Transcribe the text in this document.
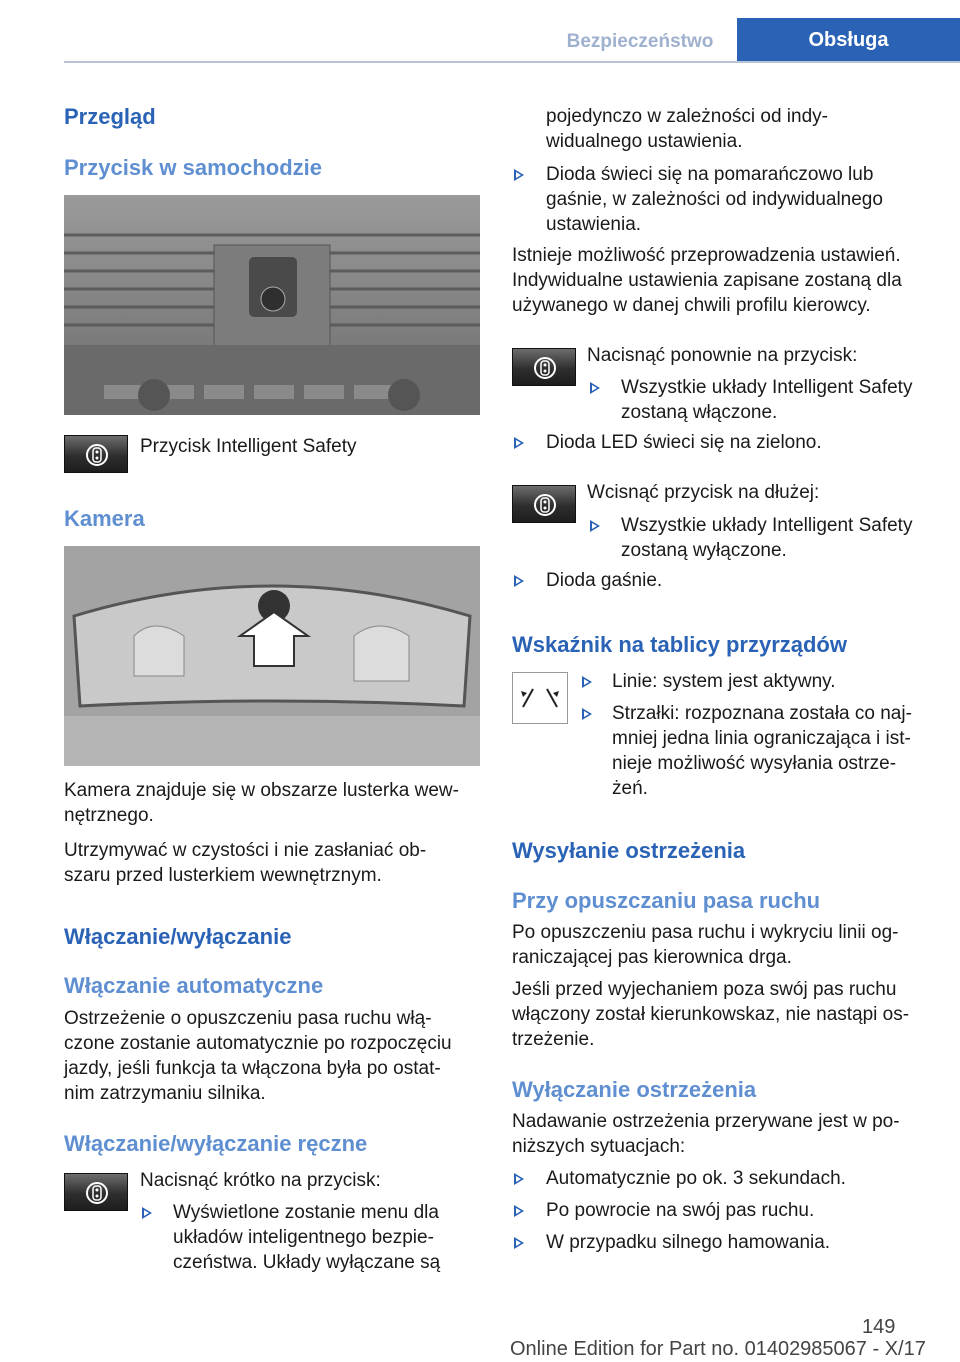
Bezpieczeństwo	Obsługa
Przegląd
Przycisk w samochodzie
Przycisk Intelligent Safety
Kamera
Kamera znajduje się w obszarze lusterka wew‐
nętrznego.
Utrzymywać w czystości i nie zasłaniać ob‐
szaru przed lusterkiem wewnętrznym.
Włączanie/wyłączanie
Włączanie automatyczne
Ostrzeżenie o opuszczeniu pasa ruchu włą‐
czone zostanie automatycznie po rozpoczęciu
jazdy, jeśli funkcja ta włączona była po ostat‐
nim zatrzymaniu silnika.
Włączanie/wyłączanie ręczne
Nacisnąć krótko na przycisk:
Wyświetlone zostanie menu dla
układów inteligentnego bezpie‐
czeństwa. Układy wyłączane są
pojedynczo w zależności od indy‐
widualnego ustawienia.
Dioda świeci się na pomarańczowo lub
gaśnie, w zależności od indywidualnego
ustawienia.
Istnieje możliwość przeprowadzenia ustawień.
Indywidualne ustawienia zapisane zostaną dla
używanego w danej chwili profilu kierowcy.
Nacisnąć ponownie na przycisk:
Wszystkie układy Intelligent Safety
zostaną włączone.
Dioda LED świeci się na zielono.
Wcisnąć przycisk na dłużej:
Wszystkie układy Intelligent Safety
zostaną wyłączone.
Dioda gaśnie.
Wskaźnik na tablicy przyrządów
Linie: system jest aktywny.
Strzałki: rozpoznana została co naj‐
mniej jedna linia ograniczająca i ist‐
nieje możliwość wysyłania ostrze‐
żeń.
Wysyłanie ostrzeżenia
Przy opuszczaniu pasa ruchu
Po opuszczeniu pasa ruchu i wykryciu linii og‐
raniczającej pas kierownica drga.
Jeśli przed wyjechaniem poza swój pas ruchu
włączony został kierunkowskaz, nie nastąpi os‐
trzeżenie.
Wyłączanie ostrzeżenia
Nadawanie ostrzeżenia przerywane jest w po‐
niższych sytuacjach:
Automatycznie po ok. 3 sekundach.
Po powrocie na swój pas ruchu.
W przypadku silnego hamowania.
149
Online Edition for Part no. 01402985067 - X/17
